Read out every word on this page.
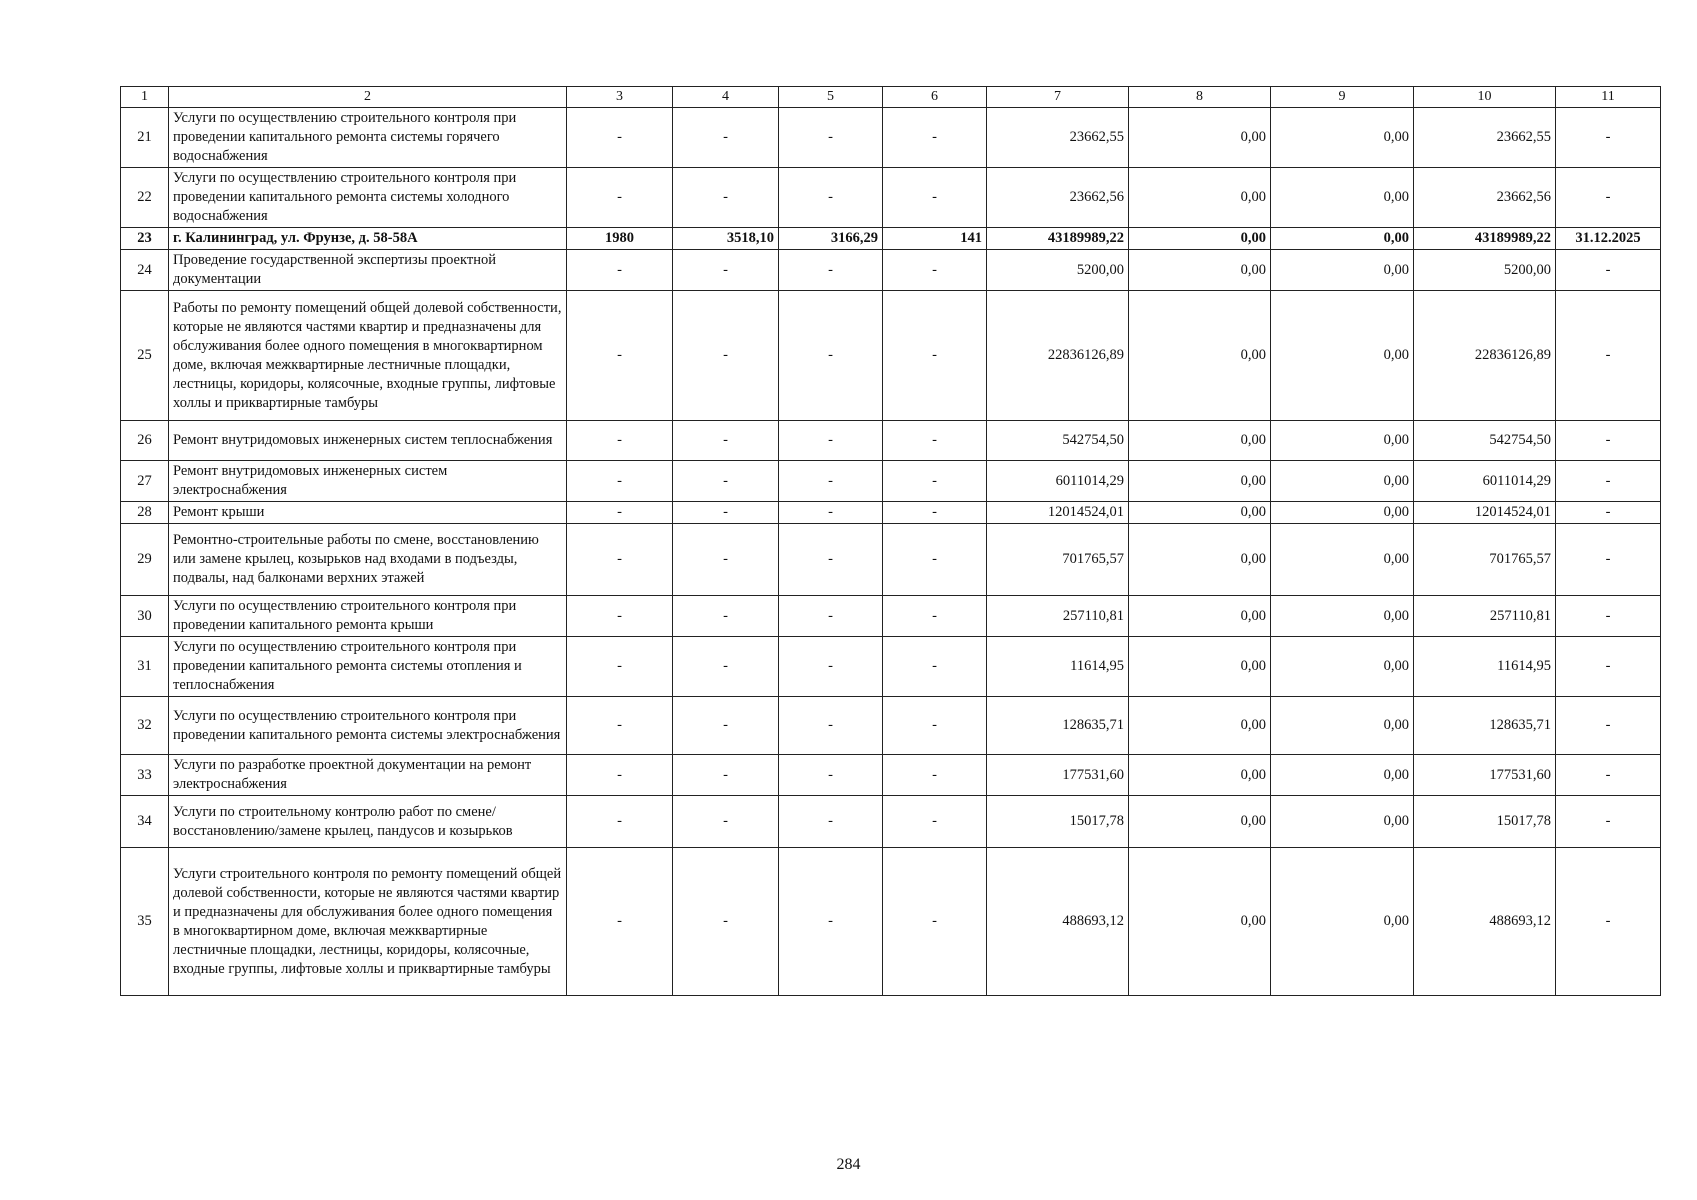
1	2	3	4	5	6	7	8	9	10	11
21	Услуги по осуществлению строительного контроля при проведении капитального ремонта системы горячего водоснабжения	-	-	-	-	23662,55	0,00	0,00	23662,55	-
22	Услуги по осуществлению строительного контроля при проведении капитального ремонта системы холодного водоснабжения	-	-	-	-	23662,56	0,00	0,00	23662,56	-
23	г. Калининград, ул. Фрунзе, д. 58-58А	1980	3518,10	3166,29	141	43189989,22	0,00	0,00	43189989,22	31.12.2025
24	Проведение государственной экспертизы проектной документации	-	-	-	-	5200,00	0,00	0,00	5200,00	-
25	Работы по ремонту помещений общей долевой собственности, которые не являются частями квартир и предназначены для обслуживания более одного помещения в многоквартирном доме, включая межквартирные лестничные площадки, лестницы, коридоры, колясочные, входные группы, лифтовые холлы и приквартирные тамбуры	-	-	-	-	22836126,89	0,00	0,00	22836126,89	-
26	Ремонт внутридомовых инженерных систем теплоснабжения	-	-	-	-	542754,50	0,00	0,00	542754,50	-
27	Ремонт внутридомовых инженерных систем электроснабжения	-	-	-	-	6011014,29	0,00	0,00	6011014,29	-
28	Ремонт крыши	-	-	-	-	12014524,01	0,00	0,00	12014524,01	-
29	Ремонтно-строительные работы по смене, восстановлению или замене крылец, козырьков над входами в подъезды, подвалы, над балконами верхних этажей	-	-	-	-	701765,57	0,00	0,00	701765,57	-
30	Услуги по осуществлению строительного контроля при проведении капитального ремонта крыши	-	-	-	-	257110,81	0,00	0,00	257110,81	-
31	Услуги по осуществлению строительного контроля при проведении капитального ремонта системы отопления и теплоснабжения	-	-	-	-	11614,95	0,00	0,00	11614,95	-
32	Услуги по осуществлению строительного контроля при проведении капитального ремонта системы электроснабжения	-	-	-	-	128635,71	0,00	0,00	128635,71	-
33	Услуги по разработке проектной документации на ремонт электроснабжения	-	-	-	-	177531,60	0,00	0,00	177531,60	-
34	Услуги по строительному контролю работ по смене/восстановлению/замене крылец, пандусов и козырьков	-	-	-	-	15017,78	0,00	0,00	15017,78	-
35	Услуги строительного контроля по ремонту помещений общей долевой собственности, которые не являются частями квартир и предназначены для обслуживания более одного помещения в многоквартирном доме, включая межквартирные лестничные площадки, лестницы, коридоры, колясочные, входные группы, лифтовые холлы и приквартирные тамбуры	-	-	-	-	488693,12	0,00	0,00	488693,12	-
284
